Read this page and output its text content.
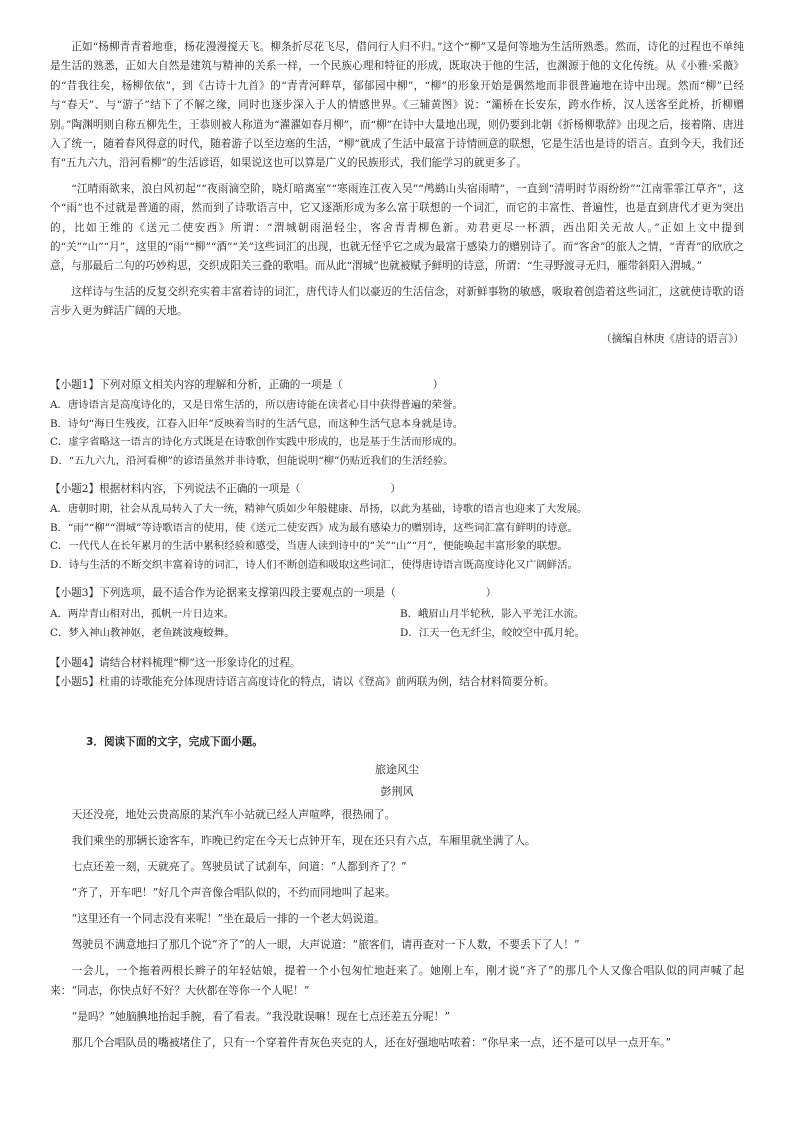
正如“杨柳青青着地垂，杨花漫漫搅天飞。柳条折尽花飞尽，借问行人归不归。”这个“柳”又是何等地为生活所熟悉。然而，诗化的过程也不单纯是生活的熟悉，正如大自然是建筑与精神的关系一样，一个民族心理和特征的形成，既取决于他的生活，也渊源于他的文化传统。从《小雅·采薇》的“昔我往矣，杨柳依依”，到《古诗十九首》的“青青河畔草，郁郁园中柳”，“柳”的形象开始是偶然地而非很普遍地在诗中出现。然而“柳”已经与“春天”、与“游子”结下了不解之缘，同时也逐步深入于人的情感世界。《三辅黄图》说：“灞桥在长安东，跨水作桥，汉人送客至此桥，折柳赠别。”陶渊明则自称五柳先生，王恭则被人称道为“濯濯如春月柳”，而“柳”在诗中大量地出现，则仍要到北朝《折杨柳歌辞》出现之后，接着隋、唐进入了统一，随着春风得意的时代，随着游子以至边塞的生活，“柳”就成了生活中最富于诗情画意的联想，它是生活也是诗的语言。直到今天，我们还有“五九六九，沿河看柳”的生活谚语，如果说这也可以算是广义的民族形式，我们能学习的就更多了。

“江晴雨欲来，浪白风初起”“夜雨滴空阶，晓灯暗离室”“寒雨连江夜入吴”“鸬鹚山头宿雨晴”，一直到“清明时节雨纷纷”“江南霏霏江草齐”，这个“雨”也不过就是普通的雨，然而到了诗歌语言中，它又逐渐形成为多么富于联想的一个词汇，而它的丰富性、普遍性，也是直到唐代才更为突出的，比如王维的《送元二使安西》所谓：“渭城朝雨浥轻尘，客舍青青柳色新。劝君更尽一杯酒，西出阳关无故人。”正如上文中提到的“关”“山”“月”，这里的“雨”“柳”“酒”“关”这些词汇的出现，也就无怪乎它之成为最富于感染力的赠别诗了。而“客舍”的旅人之情，“青青”的欣欣之意，与那最后二句的巧妙构思，交织成阳关三叠的歌唱。而从此“渭城”也就被赋予鲜明的诗意，所谓：“生寻野渡寻无归，雁带斜阳入渭城。”

这样诗与生活的反复交织充实着丰富着诗的词汇，唐代诗人们以豪迈的生活信念，对新鲜事物的敏感，吸取着创造着这些词汇，这就使诗歌的语言步入更为鲜活广阔的天地。

（摘编自林庚《唐诗的语言》）

【小题1】下列对原文相关内容的理解和分析，正确的一项是（	）

A．唐诗语言是高度诗化的，又是日常生活的，所以唐诗能在读者心目中获得普遍的荣誉。

B．诗句“海日生残夜，江春入旧年”反映着当时的生活气息，而这种生活气息本身就是诗。

C．虚字省略这一语言的诗化方式既是在诗歌创作实践中形成的，也是基于生活而形成的。

D．“五九六九，沿河看柳”的谚语虽然并非诗歌，但能说明“柳”仍贴近我们的生活经验。

【小题2】根据材料内容，下列说法不正确的一项是（	）

A．唐朝时期，社会从乱局转入了大一统，精神气质如少年般健康、昂扬，以此为基础，诗歌的语言也迎来了大发展。

B．“雨”“柳”“渭城”等诗歌语言的使用，使《送元二使安西》成为最有感染力的赠别诗，这些词汇富有鲜明的诗意。

C．一代代人在长年累月的生活中累积经验和感受，当唐人读到诗中的“关”“山”“月”，便能唤起丰富形象的联想。

D．诗与生活的不断交织丰富着诗的词汇，诗人们不断创造和吸取这些词汇，使得唐诗语言既高度诗化又广阔鲜活。

【小题3】下列选项，最不适合作为论据来支撑第四段主要观点的一项是（	）

A．两岸青山相对出，孤帆一片日边来。	B．峨眉山月半轮秋，影入平羌江水流。

C．梦入神山教神妪，老鱼跳波瘦蛟舞。	D．江天一色无纤尘，皎皎空中孤月轮。

【小题4】请结合材料梳理“柳”这一形象诗化的过程。

【小题5】杜甫的诗歌能充分体现唐诗语言高度诗化的特点，请以《登高》前两联为例，结合材料简要分析。

3．阅读下面的文字，完成下面小题。

旅途风尘

彭荆风

天还没亮，地处云贵高原的某汽车小站就已经人声喧哗，很热闹了。

我们乘坐的那辆长途客车，昨晚已约定在今天七点钟开车，现在还只有六点，车厢里就坐满了人。

七点还差一刻，天就亮了。驾驶员试了试刹车，问道：“人都到齐了？”

“齐了，开车吧！”好几个声音像合唱队似的，不约而同地叫了起来。

“这里还有一个同志没有来呢！”坐在最后一排的一个老大妈说道。

驾驶员不满意地扫了那几个说“齐了”的人一眼，大声说道：“旅客们，请再查对一下人数，不要丢下了人！”

一会儿，一个拖着两根长辫子的年轻姑娘，提着一个小包匆忙地赶来了。她刚上车，刚才说“齐了”的那几个人又像合唱队似的同声喊了起来：“同志，你快点好不好？大伙都在等你一个人呢！”

“是吗？”她脑腆地抬起手腕，看了看表。“我没耽误嘛！现在七点还差五分呢！”

那几个合唱队员的嘴被堵住了，只有一个穿着件青灰色夹克的人，还在好强地咕哝着：“你早来一点，还不是可以早一点开车。”
